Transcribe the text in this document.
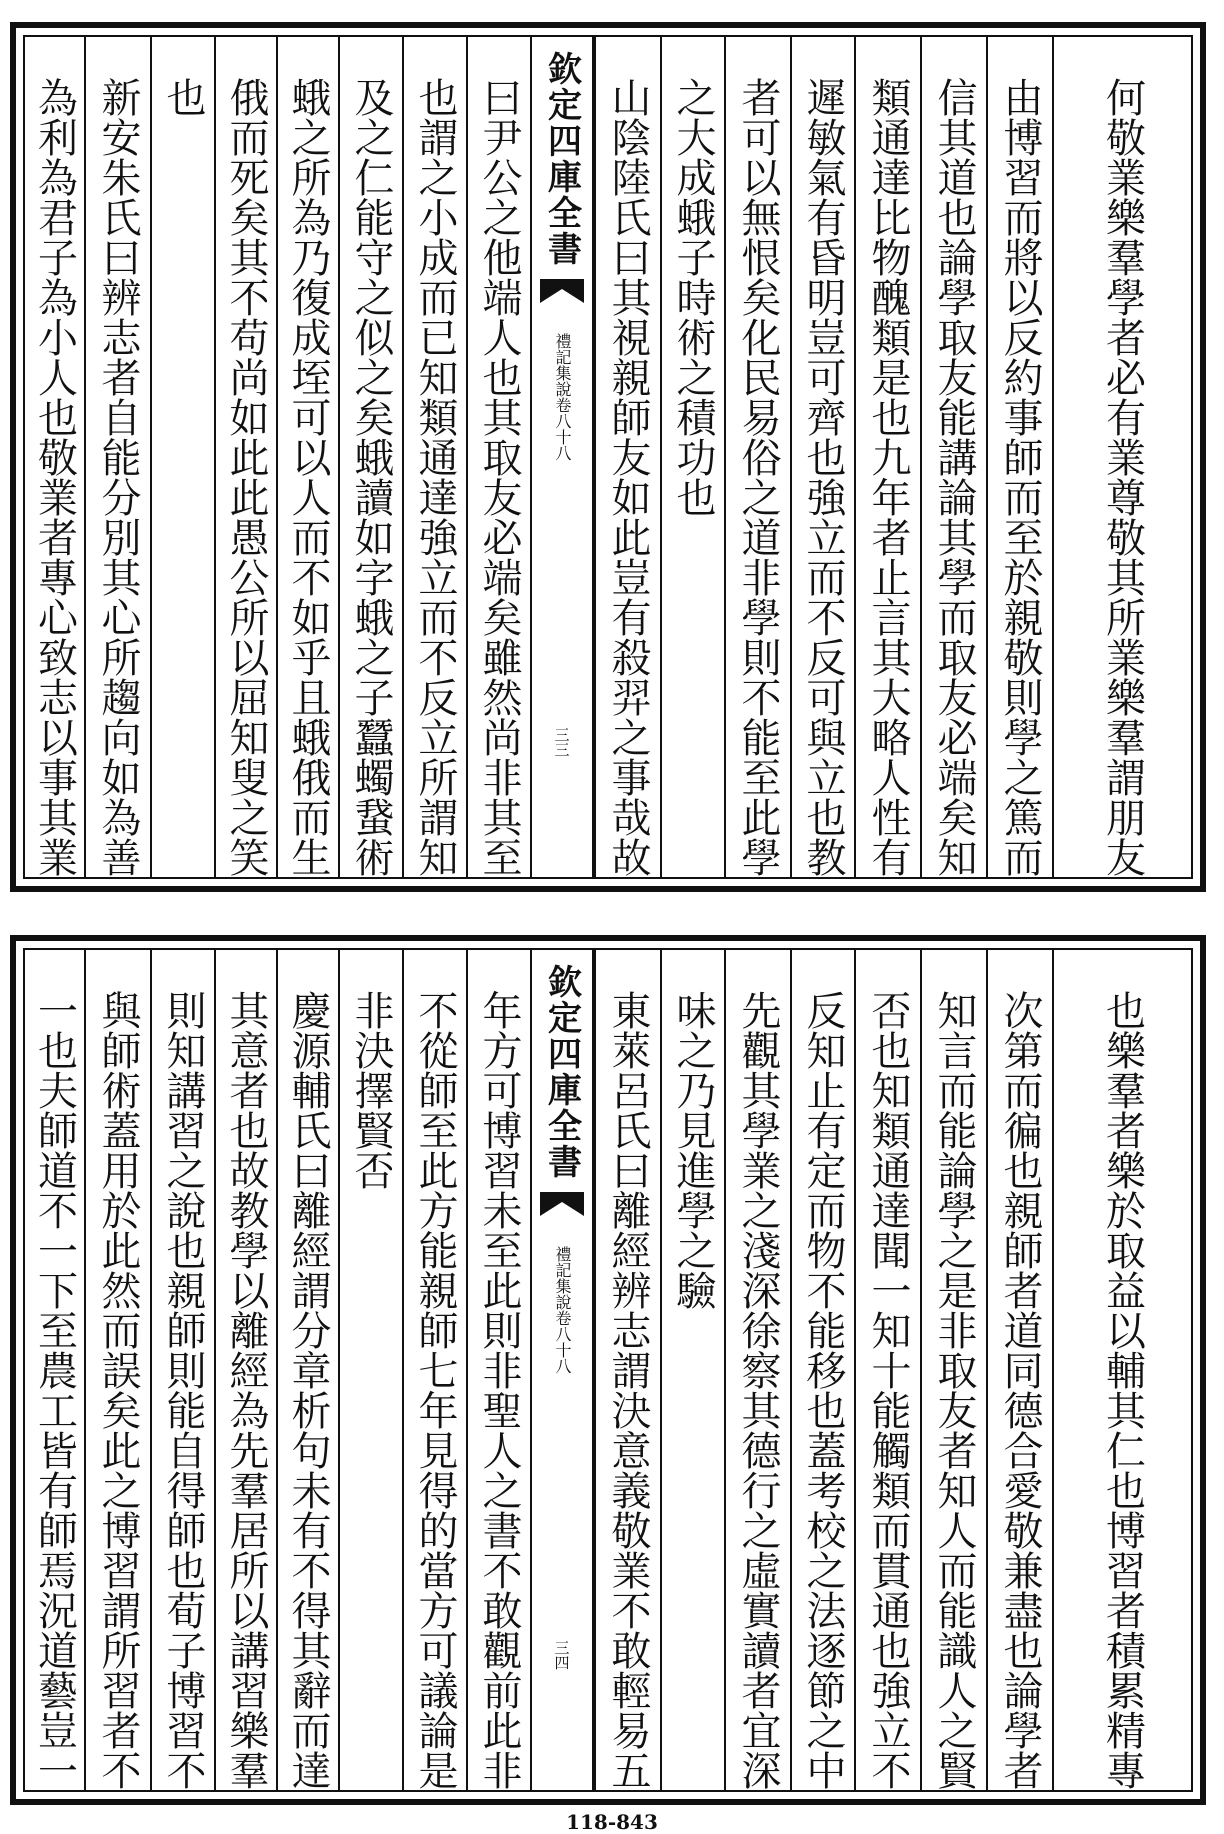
為利為君子為小人也敬業者專心致志以事其業 新安朱氏曰辨志者自能分別其心所趨向如為善 也 俄而死矣其不苟尚如此此愚公所以屈知叟之笑 蛾之所為乃復成垤可以人而不如乎且蛾俄而生 及之仁能守之似之矣蛾讀如字蛾之子蠶蠋䖸術 也謂之小成而已知類通達強立而不反立所謂知 曰尹公之他端人也其取友必端矣雖然尚非其至 欽定四庫全書
禮記集說
卷八十八
三三 山陰陸氏曰其視親師友如此豈有殺羿之事哉故 之大成蛾子時術之積功也 者可以無恨矣化民易俗之道非學則不能至此學 遲敏氣有昏明豈可齊也強立而不反可與立也教 類通達比物醜類是也九年者止言其大略人性有 信其道也論學取友能講論其學而取友必端矣知 由博習而將以反約事師而至於親敬則學之篤而 何敬業樂羣學者必有業尊敬其所業樂羣謂朋友
一也夫師道不一下至農工皆有師焉況道藝豈一 與師術蓋用於此然而誤矣此之博習謂所習者不 則知講習之說也親師則能自得師也荀子博習不 其意者也故教學以離經為先羣居所以講習樂羣 慶源輔氏曰離經謂分章析句未有不得其辭而達 非決擇賢否 不從師至此方能親師七年見得的當方可議論是 年方可博習未至此則非聖人之書不敢觀前此非 欽定四庫全書
禮記集說
卷八十八
三四 東萊呂氏曰離經辨志謂決意義敬業不敢輕易五 味之乃見進學之驗 先觀其學業之淺深徐察其德行之虛實讀者宜深 反知止有定而物不能移也蓋考校之法逐節之中 否也知類通達聞一知十能觸類而貫通也強立不 知言而能論學之是非取友者知人而能識人之賢 次第而徧也親師者道同德合愛敬兼盡也論學者 也樂羣者樂於取益以輔其仁也博習者積累精專
118-843
